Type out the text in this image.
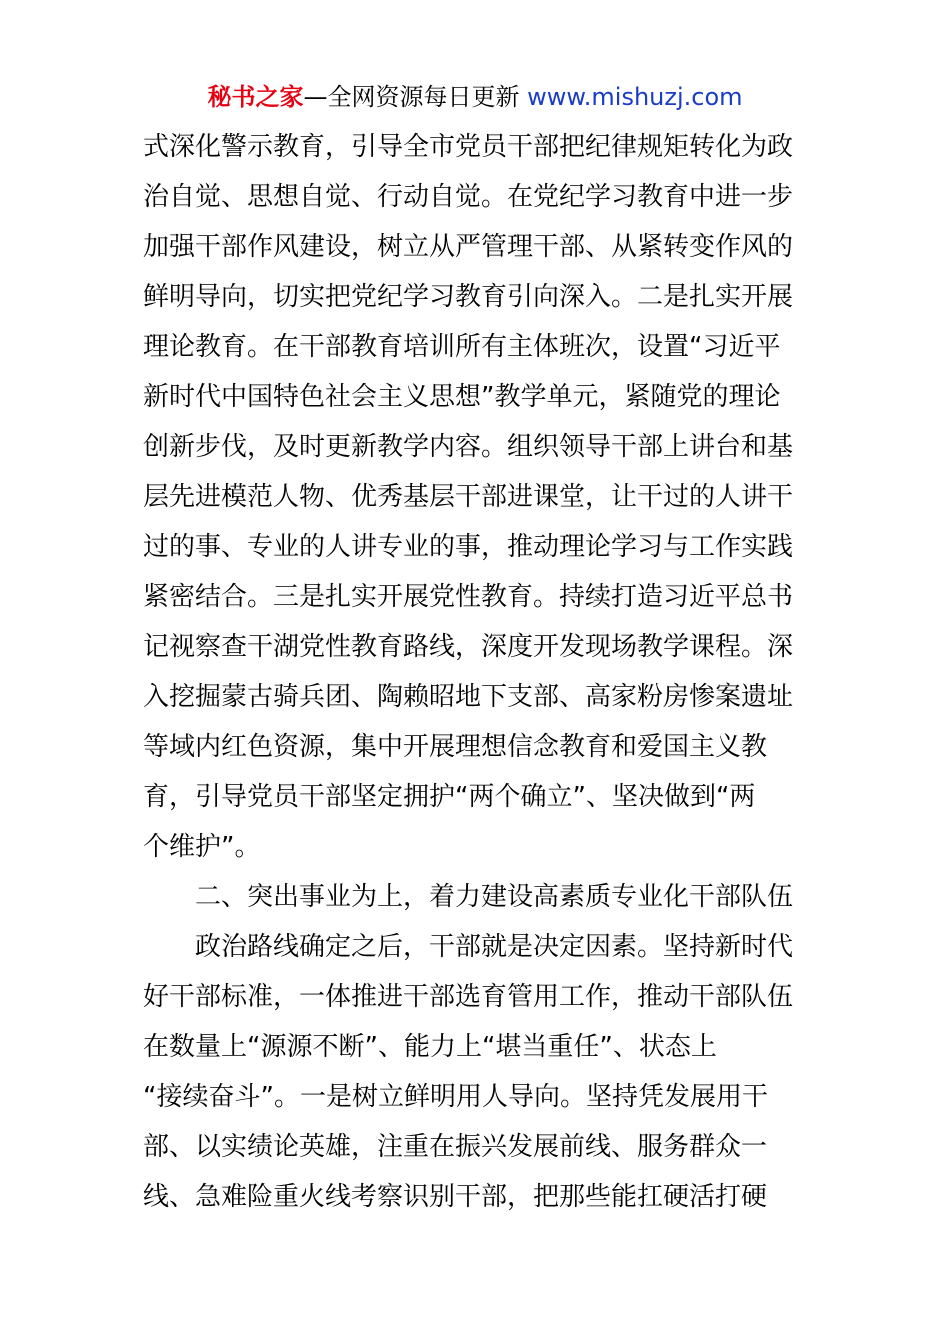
秘书之家—全网资源每日更新 www.mishuzj.com
式深化警示教育，引导全市党员干部把纪律规矩转化为政
治自觉、思想自觉、行动自觉。在党纪学习教育中进一步
加强干部作风建设，树立从严管理干部、从紧转变作风的
鲜明导向，切实把党纪学习教育引向深入。二是扎实开展
理论教育。在干部教育培训所有主体班次，设置“习近平
新时代中国特色社会主义思想”教学单元，紧随党的理论
创新步伐，及时更新教学内容。组织领导干部上讲台和基
层先进模范人物、优秀基层干部进课堂，让干过的人讲干
过的事、专业的人讲专业的事，推动理论学习与工作实践
紧密结合。三是扎实开展党性教育。持续打造习近平总书
记视察查干湖党性教育路线，深度开发现场教学课程。深
入挖掘蒙古骑兵团、陶赖昭地下支部、高家粉房惨案遗址
等域内红色资源，集中开展理想信念教育和爱国主义教
育，引导党员干部坚定拥护“两个确立”、坚决做到“两
个维护”。
二、突出事业为上，着力建设高素质专业化干部队伍
政治路线确定之后，干部就是决定因素。坚持新时代
好干部标准，一体推进干部选育管用工作，推动干部队伍
在数量上“源源不断”、能力上“堪当重任”、状态上
“接续奋斗”。一是树立鲜明用人导向。坚持凭发展用干
部、以实绩论英雄，注重在振兴发展前线、服务群众一
线、急难险重火线考察识别干部，把那些能扛硬活打硬
